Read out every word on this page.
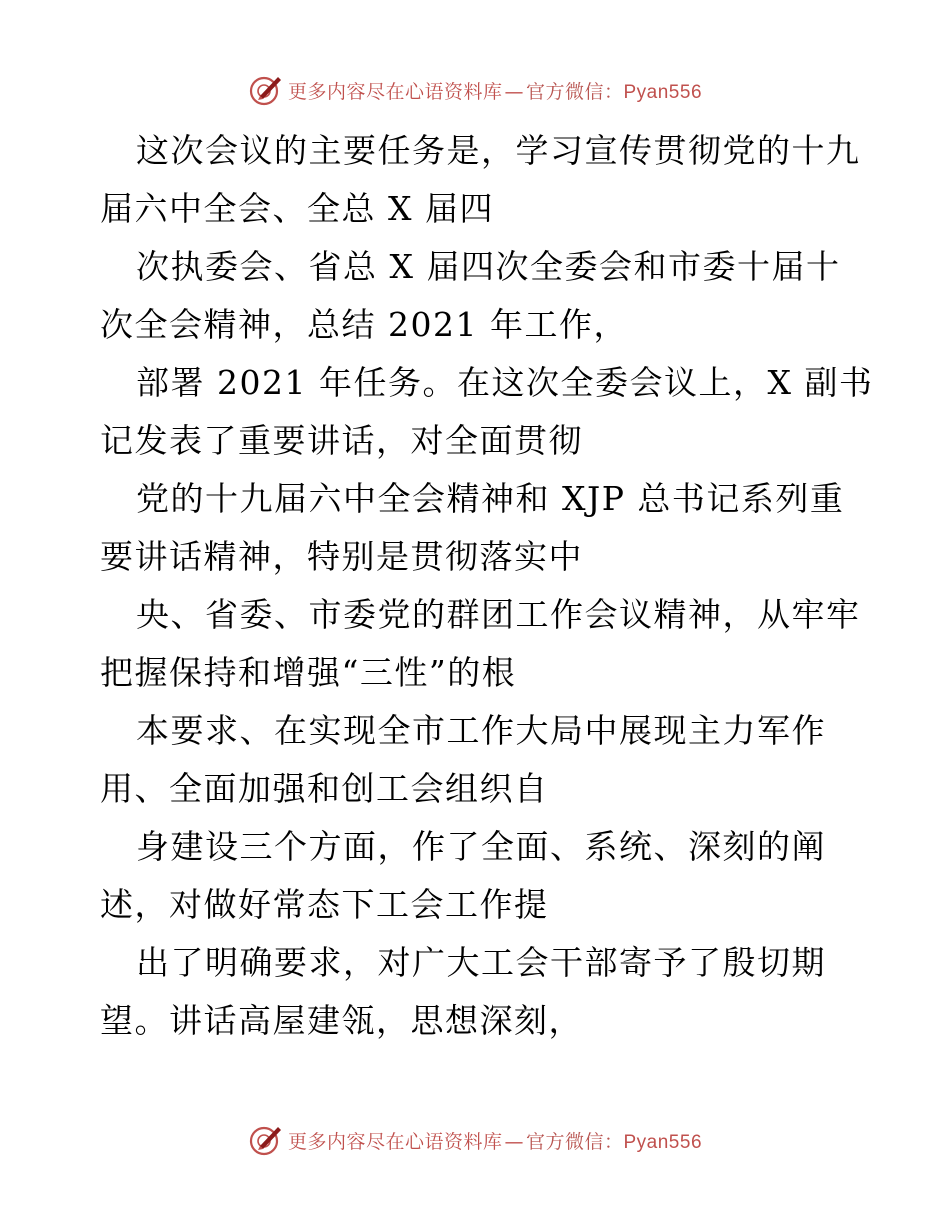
更多内容尽在心语资料库 — 官方微信：Pyan556
这次会议的主要任务是，学习宣传贯彻党的十九
届六中全会、全总 X 届四
次执委会、省总 X 届四次全委会和市委十届十
次全会精神，总结 2021 年工作，
部署 2021 年任务。在这次全委会议上，X 副书
记发表了重要讲话，对全面贯彻
党的十九届六中全会精神和 XJP 总书记系列重
要讲话精神，特别是贯彻落实中
央、省委、市委党的群团工作会议精神，从牢牢
把握保持和增强“三性”的根
本要求、在实现全市工作大局中展现主力军作
用、全面加强和创工会组织自
身建设三个方面，作了全面、系统、深刻的阐
述，对做好常态下工会工作提
出了明确要求，对广大工会干部寄予了殷切期
望。讲话高屋建瓴，思想深刻，
更多内容尽在心语资料库 — 官方微信：Pyan556
